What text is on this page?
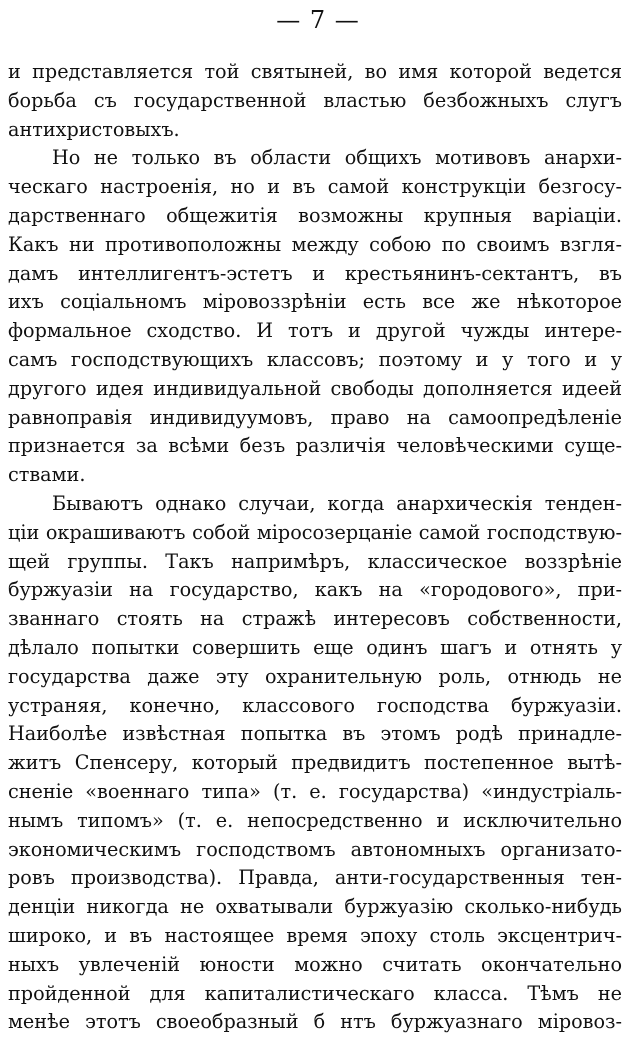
— 7 —
и представляется той святыней, во имя которой ведется
борьба съ государственной властью безбожныхъ слугъ
антихристовыхъ.
Но не только въ области общихъ мотивовъ анархи-
ческаго настроенія, но и въ самой конструкціи безгосу-
дарственнаго общежитія возможны крупныя варіаціи.
Какъ ни противоположны между собою по своимъ взгля-
дамъ интеллигентъ-эстетъ и крестьянинъ-сектантъ, въ
ихъ соціальномъ міровоззрѣніи есть все же нѣкоторое
формальное сходство. И тотъ и другой чужды интере-
самъ господствующихъ классовъ; поэтому и у того и у
другого идея индивидуальной свободы дополняется идеей
равноправія индивидуумовъ, право на самоопредѣленіе
признается за всѣми безъ различія человѣческими суще-
ствами.
Бываютъ однако случаи, когда анархическія тенден-
ціи окрашиваютъ собой міросозерцаніе самой господствую-
щей группы. Такъ напримѣръ, классическое воззрѣніе
буржуазіи на государство, какъ на «городового», при-
званнаго стоять на стражѣ интересовъ собственности,
дѣлало попытки совершить еще одинъ шагъ и отнять у
государства даже эту охранительную роль, отнюдь не
устраняя, конечно, классового господства буржуазіи.
Наиболѣе извѣстная попытка въ этомъ родѣ принадле-
житъ Спенсеру, который предвидитъ постепенное вытѣ-
сненіе «военнаго типа» (т. е. государства) «индустріаль-
нымъ типомъ» (т. е. непосредственно и исключительно
экономическимъ господствомъ автономныхъ организато-
ровъ производства). Правда, анти-государственныя тен-
денціи никогда не охватывали буржуазію сколько-нибудь
широко, и въ настоящее время эпоху столь эксцентрич-
ныхъ увлеченій юности можно считать окончательно
пройденной для капиталистическаго класса. Тѣмъ не
менѣе этотъ своеобразный б нтъ буржуазнаго міровоз-
